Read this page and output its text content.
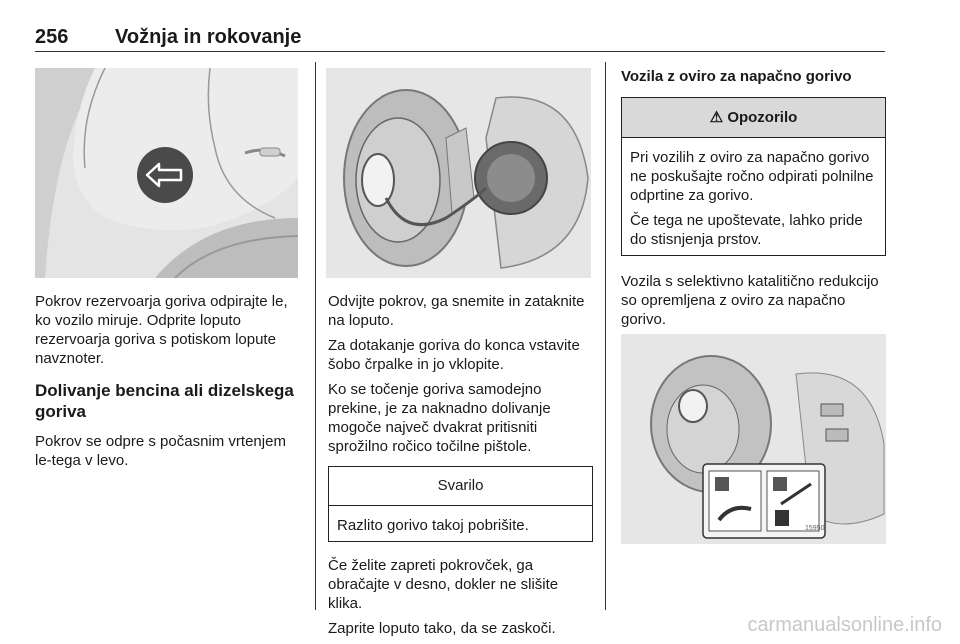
256 Vožnja in rokovanje

Pokrov rezervoarja goriva odpirajte le, ko vozilo miruje. Odprite loputo rezervoarja goriva s potiskom lopute navznoter.

Dolivanje bencina ali dizelskega goriva

Pokrov se odpre s počasnim vrtenjem le-tega v levo.

Odvijte pokrov, ga snemite in zataknite na loputo.

Za dotakanje goriva do konca vstavite šobo črpalke in jo vklopite.

Ko se točenje goriva samodejno prekine, je za naknadno dolivanje mogoče največ dvakrat pritisniti sprožilno ročico točilne pištole.

Svarilo
Razlito gorivo takoj pobrišite.

Če želite zapreti pokrovček, ga obračajte v desno, dokler ne slišite klika.

Zaprite loputo tako, da se zaskoči.

Vozila z oviro za napačno gorivo
⚠ Opozorilo

Pri vozilih z oviro za napačno gorivo ne poskušajte ročno odpirati polnilne odprtine za gorivo.

Če tega ne upoštevate, lahko pride do stisnjenja prstov.

Vozila s selektivno katalitično redukcijo so opremljena z oviro za napačno gorivo.

15950
carmanualsonline.info
